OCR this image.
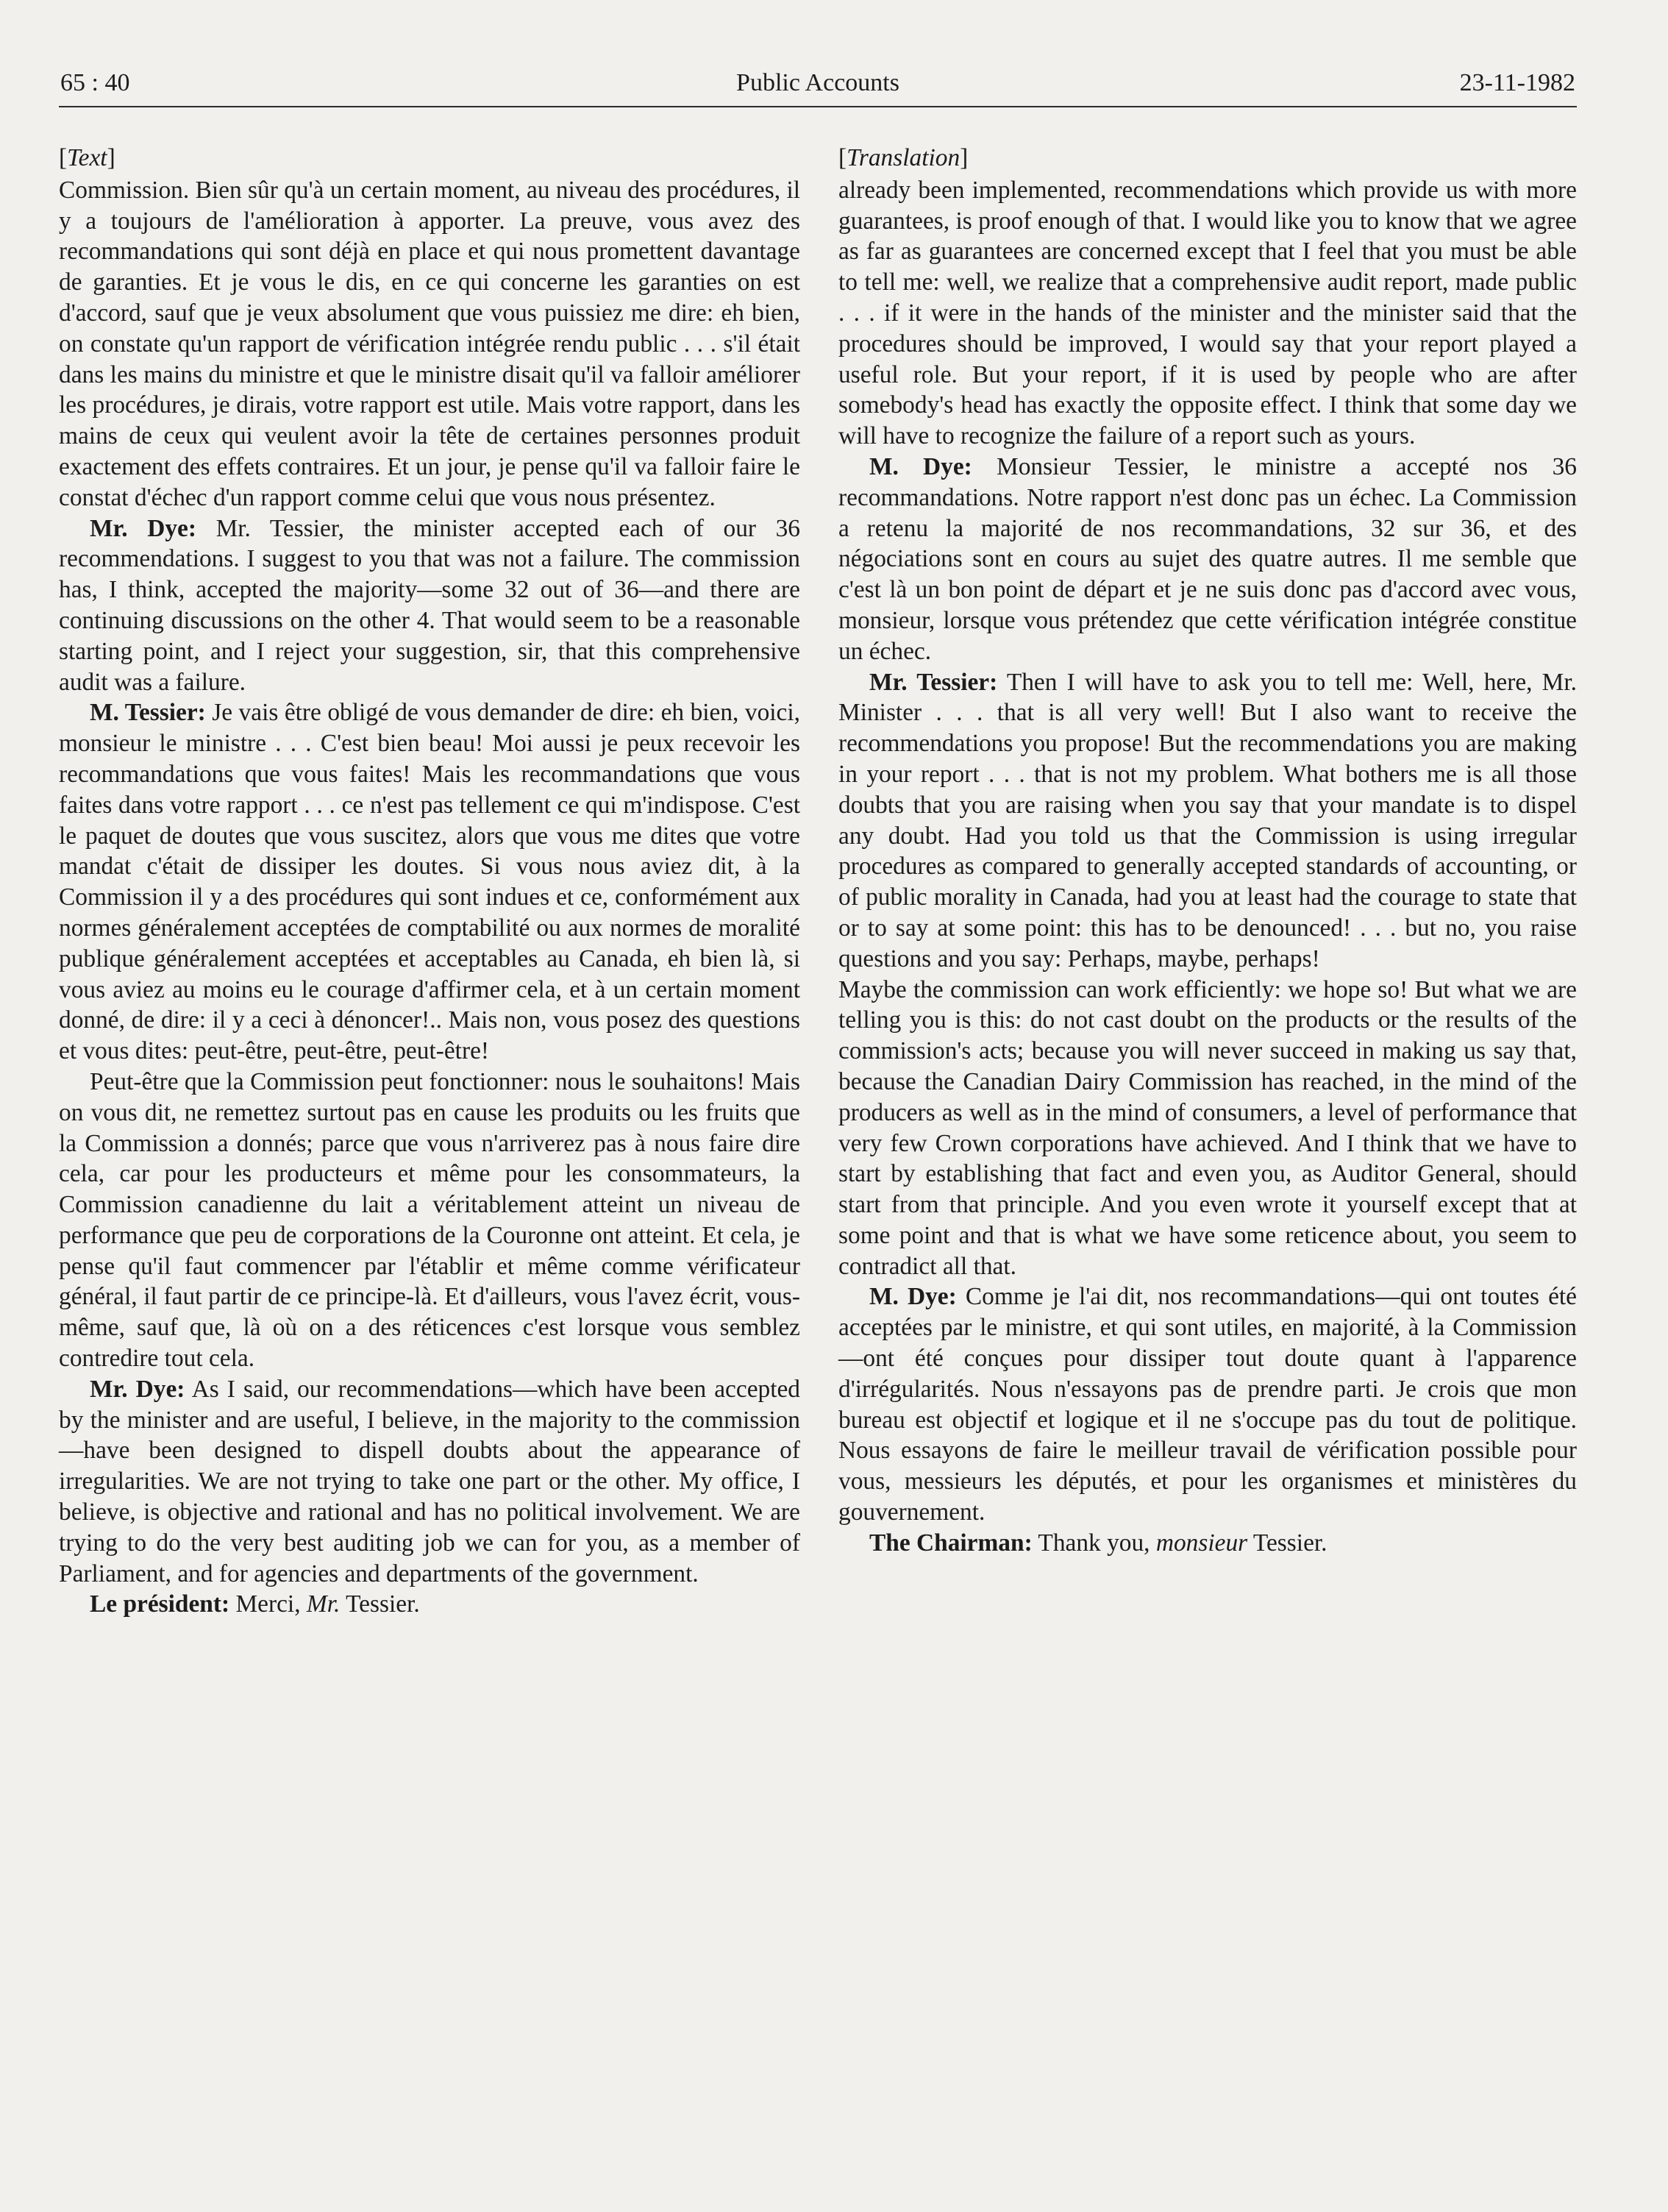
65 : 40	Public Accounts	23-11-1982
[Text]

Commission. Bien sûr qu'à un certain moment, au niveau des procédures, il y a toujours de l'amélioration à apporter. La preuve, vous avez des recommandations qui sont déjà en place et qui nous promettent davantage de garanties. Et je vous le dis, en ce qui concerne les garanties on est d'accord, sauf que je veux absolument que vous puissiez me dire: eh bien, on constate qu'un rapport de vérification intégrée rendu public . . . s'il était dans les mains du ministre et que le ministre disait qu'il va falloir améliorer les procédures, je dirais, votre rapport est utile. Mais votre rapport, dans les mains de ceux qui veulent avoir la tête de certaines personnes produit exactement des effets contraires. Et un jour, je pense qu'il va falloir faire le constat d'échec d'un rapport comme celui que vous nous présentez.

Mr. Dye: Mr. Tessier, the minister accepted each of our 36 recommendations. I suggest to you that was not a failure. The commission has, I think, accepted the majority—some 32 out of 36—and there are continuing discussions on the other 4. That would seem to be a reasonable starting point, and I reject your suggestion, sir, that this comprehensive audit was a failure.

M. Tessier: Je vais être obligé de vous demander de dire: eh bien, voici, monsieur le ministre . . . C'est bien beau! Moi aussi je peux recevoir les recommandations que vous faites! Mais les recommandations que vous faites dans votre rapport . . . ce n'est pas tellement ce qui m'indispose. C'est le paquet de doutes que vous suscitez, alors que vous me dites que votre mandat c'était de dissiper les doutes. Si vous nous aviez dit, à la Commission il y a des procédures qui sont indues et ce, conformément aux normes généralement acceptées de comptabilité ou aux normes de moralité publique généralement acceptées et acceptables au Canada, eh bien là, si vous aviez au moins eu le courage d'affirmer cela, et à un certain moment donné, de dire: il y a ceci à dénoncer!.. Mais non, vous posez des questions et vous dites: peut-être, peut-être, peut-être!

Peut-être que la Commission peut fonctionner: nous le souhaitons! Mais on vous dit, ne remettez surtout pas en cause les produits ou les fruits que la Commission a donnés; parce que vous n'arriverez pas à nous faire dire cela, car pour les producteurs et même pour les consommateurs, la Commission canadienne du lait a véritablement atteint un niveau de performance que peu de corporations de la Couronne ont atteint. Et cela, je pense qu'il faut commencer par l'établir et même comme vérificateur général, il faut partir de ce principe-là. Et d'ailleurs, vous l'avez écrit, vous-même, sauf que, là où on a des réticences c'est lorsque vous semblez contredire tout cela.

Mr. Dye: As I said, our recommendations—which have been accepted by the minister and are useful, I believe, in the majority to the commission—have been designed to dispell doubts about the appearance of irregularities. We are not trying to take one part or the other. My office, I believe, is objective and rational and has no political involvement. We are trying to do the very best auditing job we can for you, as a member of Parliament, and for agencies and departments of the government.

Le président: Merci, Mr. Tessier.

[Translation]

already been implemented, recommendations which provide us with more guarantees, is proof enough of that. I would like you to know that we agree as far as guarantees are concerned except that I feel that you must be able to tell me: well, we realize that a comprehensive audit report, made public . . . if it were in the hands of the minister and the minister said that the procedures should be improved, I would say that your report played a useful role. But your report, if it is used by people who are after somebody's head has exactly the opposite effect. I think that some day we will have to recognize the failure of a report such as yours.

M. Dye: Monsieur Tessier, le ministre a accepté nos 36 recommandations. Notre rapport n'est donc pas un échec. La Commission a retenu la majorité de nos recommandations, 32 sur 36, et des négociations sont en cours au sujet des quatre autres. Il me semble que c'est là un bon point de départ et je ne suis donc pas d'accord avec vous, monsieur, lorsque vous prétendez que cette vérification intégrée constitue un échec.

Mr. Tessier: Then I will have to ask you to tell me: Well, here, Mr. Minister . . . that is all very well! But I also want to receive the recommendations you propose! But the recommendations you are making in your report . . . that is not my problem. What bothers me is all those doubts that you are raising when you say that your mandate is to dispel any doubt. Had you told us that the Commission is using irregular procedures as compared to generally accepted standards of accounting, or of public morality in Canada, had you at least had the courage to state that or to say at some point: this has to be denounced! . . . but no, you raise questions and you say: Perhaps, maybe, perhaps!

Maybe the commission can work efficiently: we hope so! But what we are telling you is this: do not cast doubt on the products or the results of the commission's acts; because you will never succeed in making us say that, because the Canadian Dairy Commission has reached, in the mind of the producers as well as in the mind of consumers, a level of performance that very few Crown corporations have achieved. And I think that we have to start by establishing that fact and even you, as Auditor General, should start from that principle. And you even wrote it yourself except that at some point and that is what we have some reticence about, you seem to contradict all that.

M. Dye: Comme je l'ai dit, nos recommandations—qui ont toutes été acceptées par le ministre, et qui sont utiles, en majorité, à la Commission—ont été conçues pour dissiper tout doute quant à l'apparence d'irrégularités. Nous n'essayons pas de prendre parti. Je crois que mon bureau est objectif et logique et il ne s'occupe pas du tout de politique. Nous essayons de faire le meilleur travail de vérification possible pour vous, messieurs les députés, et pour les organismes et ministères du gouvernement.

The Chairman: Thank you, monsieur Tessier.
